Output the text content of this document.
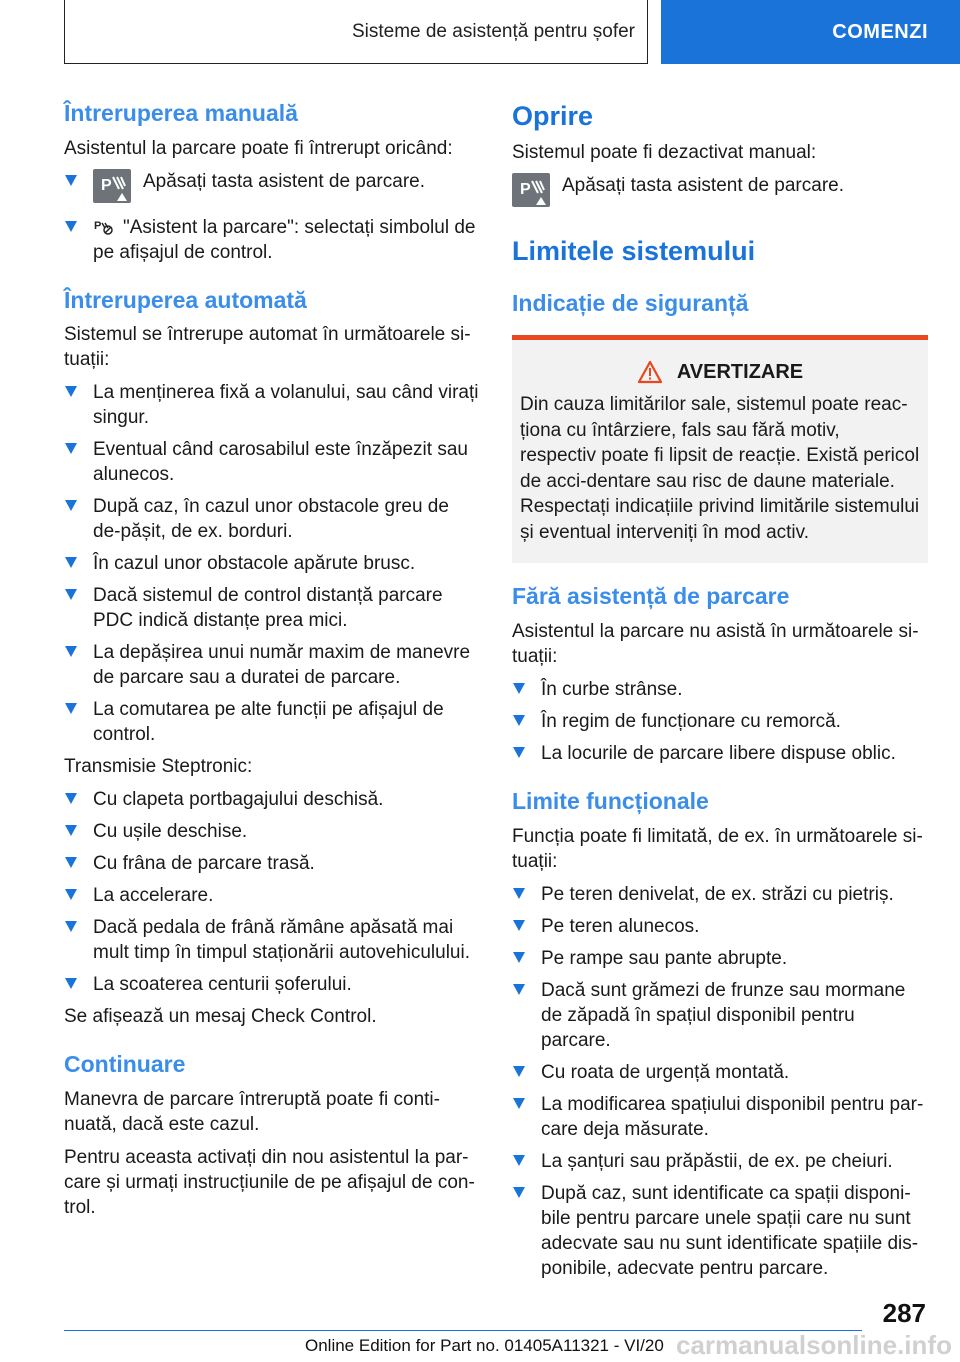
Sisteme de asistență pentru șofer	COMENZI
Întreruperea manuală

Asistentul la parcare poate fi întrerupt oricând:

P Apăsați tasta asistent de parcare.
P "Asistent la parcare": selectați simbolul de pe afișajul de control.
Întreruperea automată

Sistemul se întrerupe automat în următoarele si-tuații:

La menținerea fixă a volanului, sau când virați singur.
Eventual când carosabilul este înzăpezit sau alunecos.
După caz, în cazul unor obstacole greu de de-pășit, de ex. borduri.
În cazul unor obstacole apărute brusc.
Dacă sistemul de control distanță parcare PDC indică distanțe prea mici.
La depășirea unui număr maxim de manevre de parcare sau a duratei de parcare.
La comutarea pe alte funcții pe afișajul de control.

Transmisie Steptronic:

Cu clapeta portbagajului deschisă.
Cu ușile deschise.
Cu frâna de parcare trasă.
La accelerare.
Dacă pedala de frână rămâne apăsată mai mult timp în timpul staționării autovehiculului.
La scoaterea centurii șoferului.

Se afișează un mesaj Check Control.

Continuare

Manevra de parcare întreruptă poate fi conti-nuată, dacă este cazul.

Pentru aceasta activați din nou asistentul la par-care și urmați instrucțiunile de pe afișajul de con-trol.

Oprire

Sistemul poate fi dezactivat manual:

P Apăsați tasta asistent de parcare.
Limitele sistemului
Indicație de siguranță
AVERTIZARE

Din cauza limitărilor sale, sistemul poate reac-ționa cu întârziere, fals sau fără motiv, respectiv poate fi lipsit de reacție. Există pericol de acci-dentare sau risc de daune materiale. Respectați indicațiile privind limitările sistemului și eventual interveniți în mod activ.

Fără asistență de parcare

Asistentul la parcare nu asistă în următoarele si-tuații:

În curbe strânse.
În regim de funcționare cu remorcă.
La locurile de parcare libere dispuse oblic.
Limite funcționale

Funcția poate fi limitată, de ex. în următoarele si-tuații:

Pe teren denivelat, de ex. străzi cu pietriș.
Pe teren alunecos.
Pe rampe sau pante abrupte.
Dacă sunt grămezi de frunze sau mormane de zăpadă în spațiul disponibil pentru parcare.
Cu roata de urgență montată.
La modificarea spațiului disponibil pentru par-care deja măsurate.
La șanțuri sau prăpăstii, de ex. pe cheiuri.
După caz, sunt identificate ca spații disponi-bile pentru parcare unele spații care nu sunt adecvate sau nu sunt identificate spațiile dis-ponibile, adecvate pentru parcare.
287
Online Edition for Part no. 01405A11321 - VI/20 carmanualsonline.info
